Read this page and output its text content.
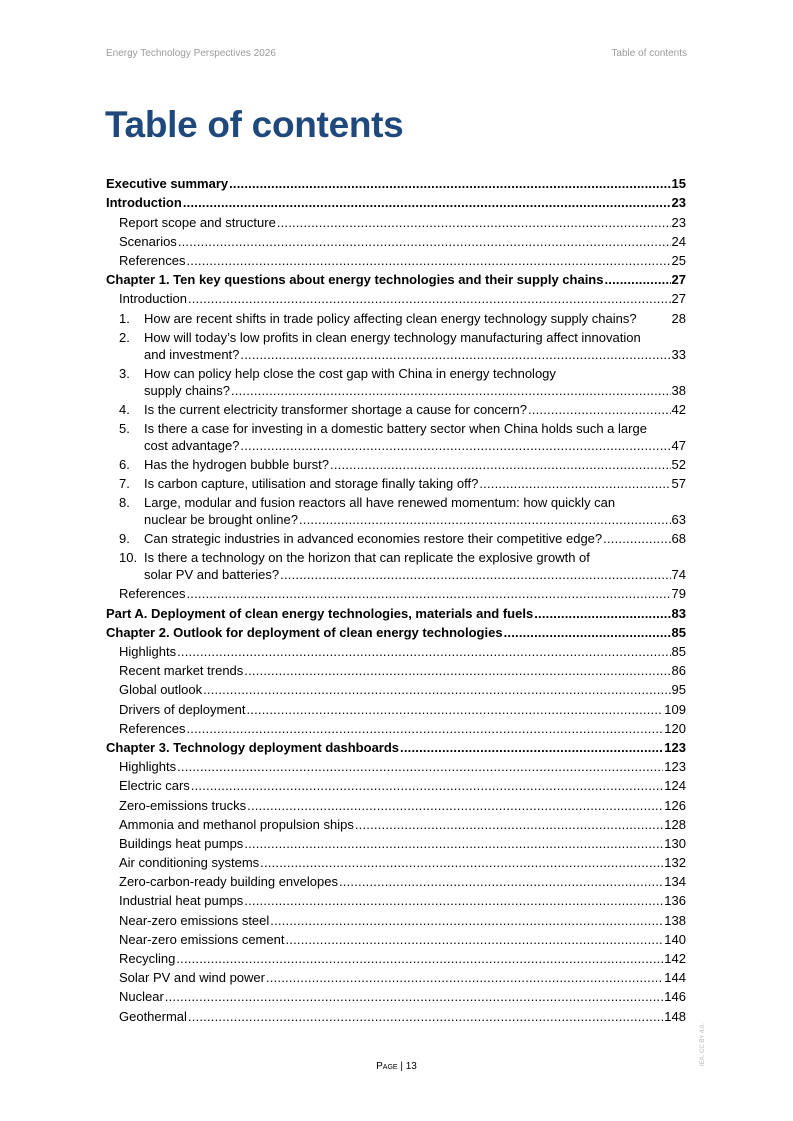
Energy Technology Perspectives 2026	Table of contents
Table of contents
Executive summary .....	15
Introduction .....	23
Report scope and structure .....	23
Scenarios .....	24
References .....	25
Chapter 1. Ten key questions about energy technologies and their supply chains .....	27
Introduction .....	27
1.	How are recent shifts in trade policy affecting clean energy technology supply chains?	28
2.	How will today’s low profits in clean energy technology manufacturing affect innovation
and investment? .....	33
3.	How can policy help close the cost gap with China in energy technology
supply chains? .....	38
4.	Is the current electricity transformer shortage a cause for concern? .....	42
5.	Is there a case for investing in a domestic battery sector when China holds such a large
cost advantage? .....	47
6.	Has the hydrogen bubble burst? .....	52
7.	Is carbon capture, utilisation and storage finally taking off? .....	57
8.	Large, modular and fusion reactors all have renewed momentum: how quickly can
nuclear be brought online? .....	63
9.	Can strategic industries in advanced economies restore their competitive edge? .....	68
10. Is there a technology on the horizon that can replicate the explosive growth of
solar PV and batteries? .....	74
References .....	79
Part A. Deployment of clean energy technologies, materials and fuels .....	83
Chapter 2. Outlook for deployment of clean energy technologies .....	85
Highlights .....	85
Recent market trends .....	86
Global outlook .....	95
Drivers of deployment .....	109
References .....	120
Chapter 3. Technology deployment dashboards .....	123
Highlights .....	123
Electric cars .....	124
Zero-emissions trucks .....	126
Ammonia and methanol propulsion ships .....	128
Buildings heat pumps .....	130
Air conditioning systems .....	132
Zero-carbon-ready building envelopes .....	134
Industrial heat pumps .....	136
Near-zero emissions steel .....	138
Near-zero emissions cement .....	140
Recycling .....	142
Solar PV and wind power .....	144
Nuclear .....	146
Geothermal .....	148
Page | 13
IEA. CC BY 4.0.
